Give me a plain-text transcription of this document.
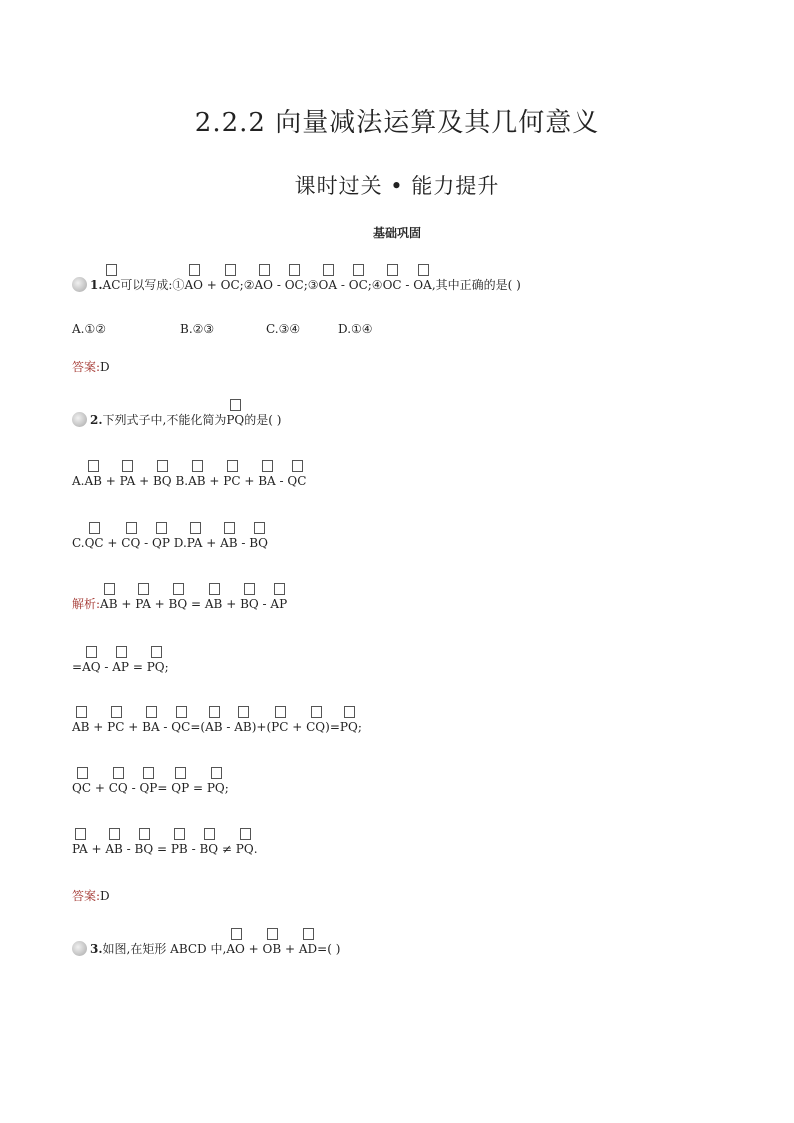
2.2.2 向量减法运算及其几何意义
课时过关 • 能力提升
基础巩固
1.AC可以写成:①AO + OC;②AO - OC;③OA - OC;④OC - OA,其中正确的是( )
A.①②	B.②③	C.③④	D.①④
答案:D
2.下列式子中,不能化简为PQ的是( )
A.AB + PA + BQ B.AB + PC + BA - QC
C.QC + CQ - QP D.PA + AB - BQ
解析:AB + PA + BQ = AB + BQ - AP
=AQ - AP = PQ;
AB + PC + BA - QC=(AB - AB)+(PC + CQ)=PQ;
QC + CQ - QP= QP = PQ;
PA + AB - BQ = PB - BQ ≠ PQ.
答案:D
3.如图,在矩形 ABCD 中,AO + OB + AD=( )
